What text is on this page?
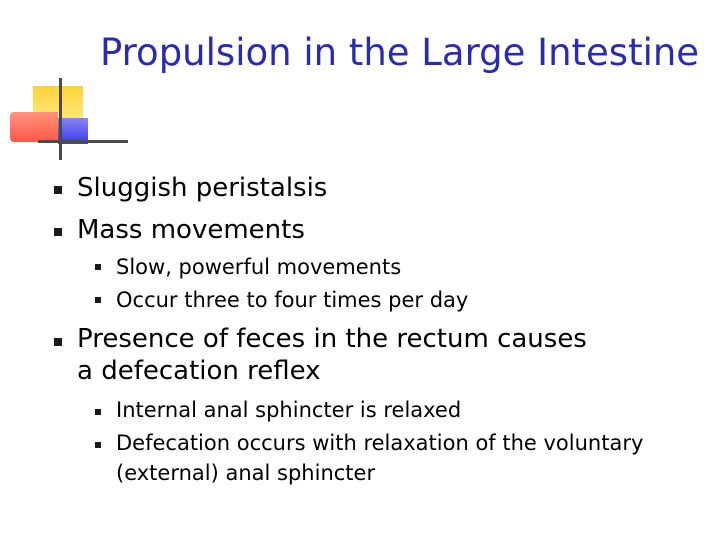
Propulsion in the Large Intestine
Sluggish peristalsis
Mass movements
Slow, powerful movements
Occur three to four times per day
Presence of feces in the rectum causes a defecation reflex
Internal anal sphincter is relaxed
Defecation occurs with relaxation of the voluntary (external) anal sphincter
